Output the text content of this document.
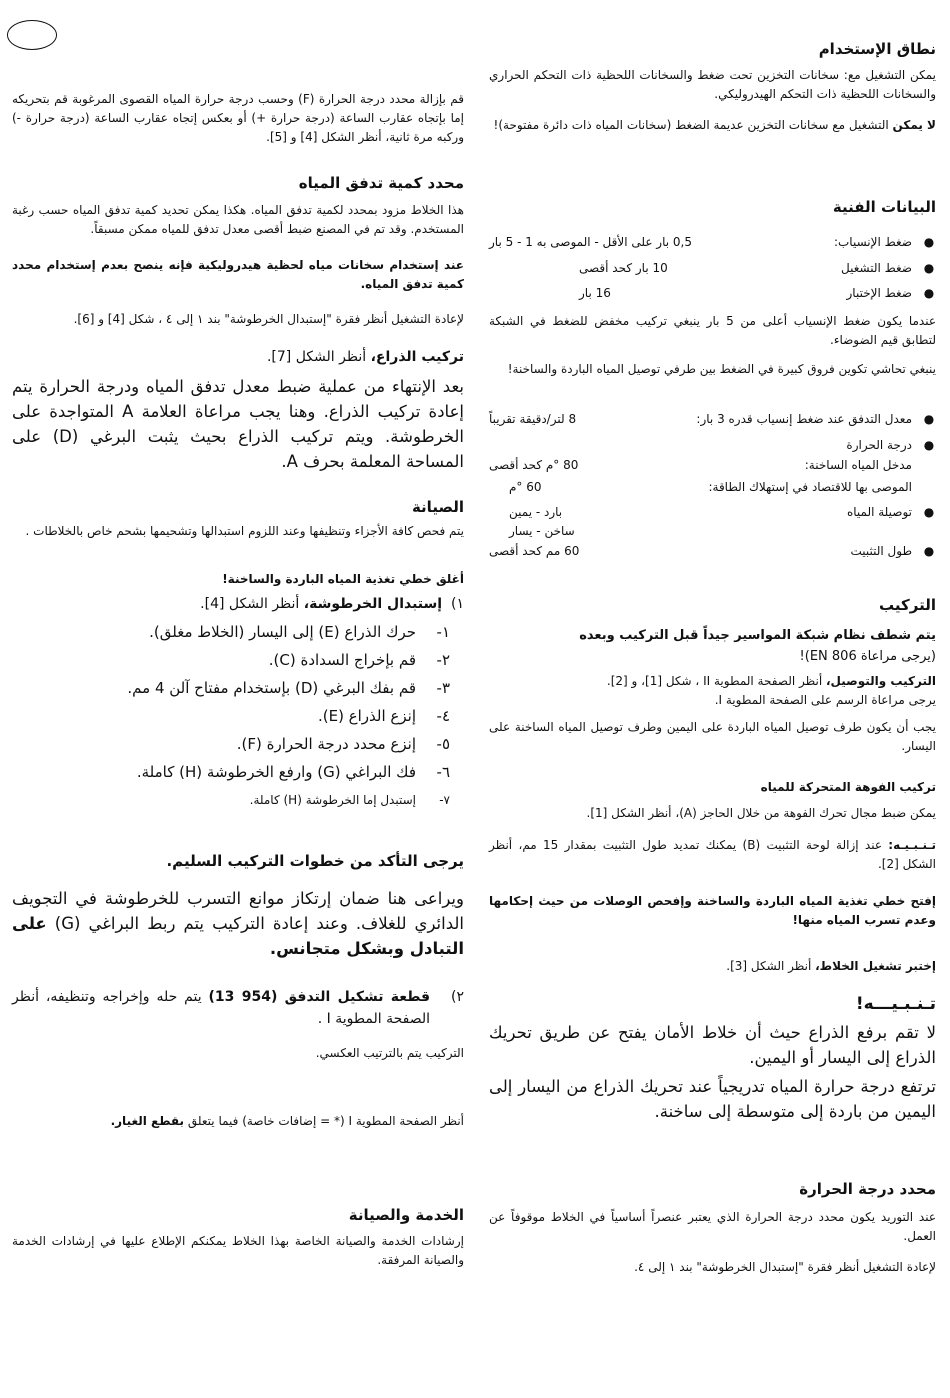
نطاق الإستخدام

يمكن التشغيل مع: سخانات التخزين تحت ضغط والسخانات اللحظية ذات التحكم الحراري والسخانات اللحظية ذات التحكم الهيدروليكي.

لا يمكن التشغيل مع سخانات التخزين عديمة الضغط (سخانات المياه ذات دائرة مفتوحة)!

البيانات الفنية
●
ضغط الإنسياب:
0,5 بار على الأقل - الموصى به 1 - 5 بار
●
ضغط التشغيل
10 بار كحد أقصى
●
ضغط الإختبار
16 بار

عندما يكون ضغط الإنسياب أعلى من 5 بار ينبغي تركيب مخفض للضغط في الشبكة لتطابق قيم الضوضاء.

ينبغي تحاشي تكوين فروق كبيرة في الضغط بين طرفي توصيل المياه الباردة والساخنة!

●
معدل التدفق عند ضغط إنسياب قدره 3 بار:
8 لتر/دقيقة تقريباً
●
درجة الحرارة
مدخل المياه الساخنة:
80 °م كحد أقصى
الموصى بها للاقتصاد في إستهلاك الطاقة:
60 °م
●
توصيلة المياه
بارد - يمين
ساخن - يسار
●
طول التثبيت
60 مم كحد أقصى
التركيب

يتم شطف نظام شبكة المواسير جيداً قبل التركيب وبعده

(يرجى مراعاة EN 806)!

التركيب والتوصيل، أنظر الصفحة المطوية II ، شكل [1]، و [2].

يرجى مراعاة الرسم على الصفحة المطوية I.

يجب أن يكون طرف توصيل المياه الباردة على اليمين وطرف توصيل المياه الساخنة على اليسار.

تركيب الفوهة المتحركة للمياه

يمكن ضبط مجال تحرك الفوهة من خلال الحاجز (A)، أنظر الشكل [1].

تـنـبـيـه: عند إزالة لوحة التثبيت (B) يمكنك تمديد طول التثبيت بمقدار 15 مم، أنظر الشكل [2].

إفتح خطي تغذية المياه الباردة والساخنة وإفحص الوصلات من حيث إحكامها وعدم تسرب المياه منها!

إختبر تشغيل الخلاط، أنظر الشكل [3].

تـنـبـيـــه!

لا تقم برفع الذراع حيث أن خلاط الأمان يفتح عن طريق تحريك الذراع إلى اليسار أو اليمين.

ترتفع درجة حرارة المياه تدريجياً عند تحريك الذراع من اليسار إلى اليمين من باردة إلى متوسطة إلى ساخنة.

محدد درجة الحرارة

عند التوريد يكون محدد درجة الحرارة الذي يعتبر عنصراً أساسياً في الخلاط موقوفاً عن العمل.

لإعادة التشغيل أنظر فقرة "إستبدال الخرطوشة" بند ١ إلى ٤.

قم بإزالة محدد درجة الحرارة (F) وحسب درجة حرارة المياه القصوى المرغوبة قم بتحريكه إما بإتجاه عقارب الساعة (درجة حرارة +) أو بعكس إتجاه عقارب الساعة (درجة حرارة -) وركبه مرة ثانية، أنظر الشكل [4] و [5].

محدد كمية تدفق المياه

هذا الخلاط مزود بمحدد لكمية تدفق المياه. هكذا يمكن تحديد كمية تدفق المياه حسب رغبة المستخدم. وقد تم في المصنع ضبط أقصى معدل تدفق للمياه ممكن مسبقاً.

عند إستخدام سخانات مياه لحظية هيدروليكية فإنه ينصح بعدم إستخدام محدد كمية تدفق المياه.

لإعادة التشغيل أنظر فقرة "إستبدال الخرطوشة" بند ١ إلى ٤ ، شكل [4] و [6].

تركيب الذراع، أنظر الشكل [7].

بعد الإنتهاء من عملية ضبط معدل تدفق المياه ودرجة الحرارة يتم إعادة تركيب الذراع. وهنا يجب مراعاة العلامة A المتواجدة على الخرطوشة. ويتم تركيب الذراع بحيث يثبت البرغي (D) على المساحة المعلمة بحرف A.

الصيانة

يتم فحص كافة الأجزاء وتنظيفها وعند اللزوم استبدالها وتشحيمها بشحم خاص بالخلاطات .

أغلق خطي تغذية المياه الباردة والساخنة!

١)  إستبدال الخرطوشة، أنظر الشكل [4].

١-
حرك الذراع (E) إلى اليسار (الخلاط مغلق).
٢-
قم بإخراج السدادة (C).
٣-
قم بفك البرغي (D) بإستخدام مفتاح آلن 4 مم.
٤-
إنزع الذراع (E).
٥-
إنزع محدد درجة الحرارة (F).
٦-
فك البراغي (G) وارفع الخرطوشة (H) كاملة.
٧-
إستبدل إما الخرطوشة (H) كاملة.
يرجى التأكد من خطوات التركيب السليم.

ويراعى هنا ضمان إرتكاز موانع التسرب للخرطوشة في التجويف الدائري للغلاف. وعند إعادة التركيب يتم ربط البراغي (G) على التبادل وبشكل متجانس.

٢)
قطعة تشكيل التدفق (954 13) يتم حله وإخراجه وتنظيفه، أنظر الصفحة المطوية I .

التركيب يتم بالترتيب العكسي.

أنظر الصفحة المطوية I (* = إضافات خاصة) فيما يتعلق بقطع الغيار.

الخدمة والصيانة

إرشادات الخدمة والصيانة الخاصة بهذا الخلاط يمكنكم الإطلاع عليها في إرشادات الخدمة والصيانة المرفقة.
